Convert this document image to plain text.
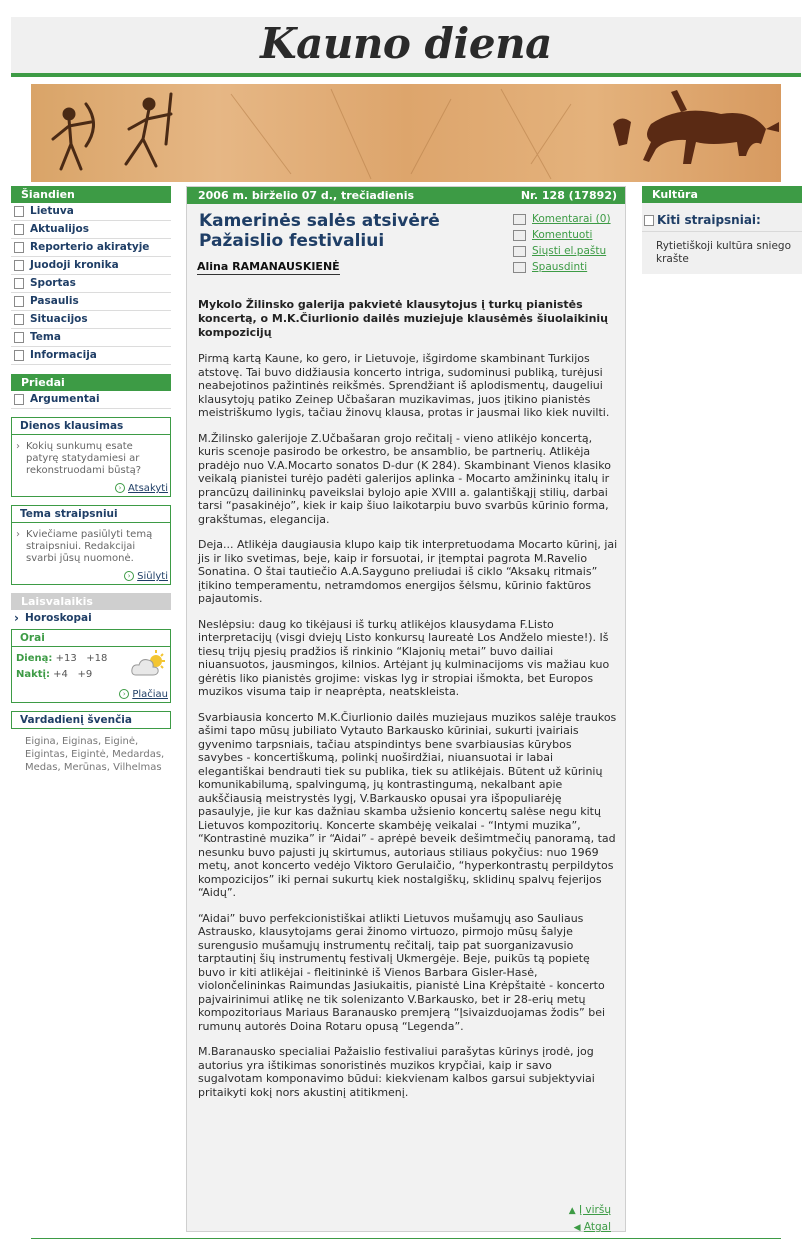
Kauno diena
Šiandien
Lietuva
Aktualijos
Reporterio akiratyje
Juodoji kronika
Sportas
Pasaulis
Situacijos
Tema
Informacija
Priedai
Argumentai
Dienos klausimas
› Kokių sunkumų esate patyrę statydamiesi ar rekonstruodami būstą?
› Atsakyti
Tema straipsniui
› Kviečiame pasiūlyti temą straipsniui. Redakcijai svarbi jūsų nuomonė.
› Siūlyti
Laisvalaikis
› Horoskopai
Orai
Dieną: +13   +18
Naktį: +4   +9
› Plačiau
Vardadienį švenčia
Eigina, Eiginas, Eiginė, Eigintas, Eigintė, Medardas, Medas, Merūnas, Vilhelmas
2006 m. birželio 07 d., trečiadienis	Nr. 128 (17892)
Kamerinės salės atsivėrė Pažaislio festivaliui
Alina RAMANAUSKIENĖ
Komentarai (0)
Komentuoti
Siųsti el.paštu
Spausdinti
Mykolo Žilinsko galerija pakvietė klausytojus į turkų pianistės koncertą, o M.K.Čiurlionio dailės muziejuje klausėmės šiuolaikinių kompozicijų

Pirmą kartą Kaune, ko gero, ir Lietuvoje, išgirdome skambinant Turkijos atstovę. Tai buvo didžiausia koncerto intriga, sudominusi publiką, turėjusi neabejotinos pažintinės reikšmės. Sprendžiant iš aplodismentų, daugeliui klausytojų patiko Zeinep Učbašaran muzikavimas, juos įtikino pianistės meistriškumo lygis, tačiau žinovų klausa, protas ir jausmai liko kiek nuvilti.

M.Žilinsko galerijoje Z.Učbašaran grojo rečitalį - vieno atlikėjo koncertą, kuris scenoje pasirodo be orkestro, be ansamblio, be partnerių. Atlikėja pradėjo nuo V.A.Mocarto sonatos D-dur (K 284). Skambinant Vienos klasiko veikalą pianistei turėjo padėti galerijos aplinka - Mocarto amžininkų italų ir prancūzų dailininkų paveikslai bylojo apie XVIII a. galantiškąjį stilių, darbai tarsi “pasakinėjo”, kiek ir kaip šiuo laikotarpiu buvo svarbūs kūrinio forma, grakštumas, elegancija.

Deja... Atlikėja daugiausia klupo kaip tik interpretuodama Mocarto kūrinį, jai jis ir liko svetimas, beje, kaip ir forsuotai, ir įtemptai pagrota M.Ravelio Sonatina. O štai tautiečio A.A.Sayguno preliudai iš ciklo “Aksakų ritmais” įtikino temperamentu, netramdomos energijos šėlsmu, kūrinio faktūros pajautomis.

Neslėpsiu: daug ko tikėjausi iš turkų atlikėjos klausydama F.Listo interpretacijų (visgi dviejų Listo konkursų laureatė Los Andželo mieste!). Iš tiesų trijų pjesių pradžios iš rinkinio “Klajonių metai” buvo dailiai niuansuotos, jausmingos, kilnios. Artėjant jų kulminacijoms vis mažiau kuo gėrėtis liko pianistės grojime: viskas lyg ir stropiai išmokta, bet Europos muzikos visuma taip ir neaprėpta, neatskleista.

Svarbiausia koncerto M.K.Čiurlionio dailės muziejaus muzikos salėje traukos ašimi tapo mūsų jubiliato Vytauto Barkausko kūriniai, sukurti įvairiais gyvenimo tarpsniais, tačiau atspindintys bene svarbiausias kūrybos savybes - koncertiškumą, polinkį nuoširdžiai, niuansuotai ir labai elegantiškai bendrauti tiek su publika, tiek su atlikėjais. Būtent už kūrinių komunikabilumą, spalvingumą, jų kontrastingumą, nekalbant apie aukščiausią meistrystės lygį, V.Barkausko opusai yra išpopuliarėję pasaulyje, jie kur kas dažniau skamba užsienio koncertų salėse negu kitų Lietuvos kompozitorių. Koncerte skambėję veikalai - “Intymi muzika”, “Kontrastinė muzika” ir “Aidai” - aprėpė beveik dešimtmečių panoramą, tad nesunku buvo pajusti jų skirtumus, autoriaus stiliaus pokyčius: nuo 1969 metų, anot koncerto vedėjo Viktoro Gerulaičio, “hyperkontrastų perpildytos kompozicijos” iki pernai sukurtų kiek nostalgiškų, sklidinų spalvų fejerijos “Aidų”.

“Aidai” buvo perfekcionistiškai atlikti Lietuvos mušamųjų aso Sauliaus Astrausko, klausytojams gerai žinomo virtuozo, pirmojo mūsų šalyje surengusio mušamųjų instrumentų rečitalį, taip pat suorganizavusio tarptautinį šių instrumentų festivalį Ukmergėje. Beje, puikūs tą popietę buvo ir kiti atlikėjai - fleitininkė iš Vienos Barbara Gisler-Hasė, violončelininkas Raimundas Jasiukaitis, pianistė Lina Krėpštaitė - koncerto pajvairinimui atlikę ne tik solenizanto V.Barkausko, bet ir 28-erių metų kompozitoriaus Mariaus Baranausko premjerą “Įsivaizduojamas žodis” bei rumunų autorės Doina Rotaru opusą “Legenda”.

M.Baranausko specialiai Pažaislio festivaliui parašytas kūrinys įrodė, jog autorius yra ištikimas sonoristinės muzikos krypčiai, kaip ir savo sugalvotam komponavimo būdui: kiekvienam kalbos garsui subjektyviai pritaikyti kokį nors akustinį atitikmenį.

▲ Į viršų
◀ Atgal
Kultūra
Kiti straipsniai:
Rytietiškoji kultūra sniego krašte
